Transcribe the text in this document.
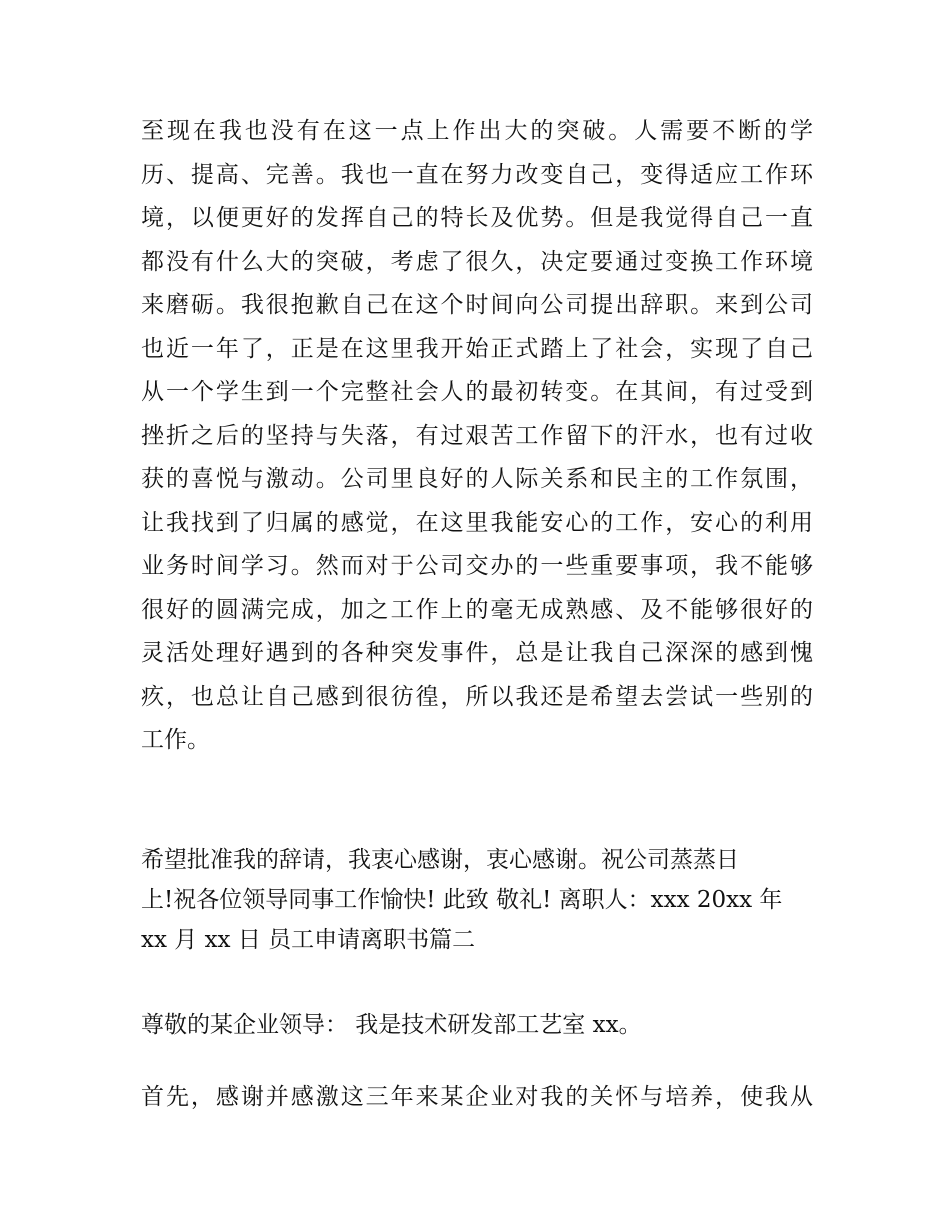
至现在我也没有在这一点上作出大的突破。人需要不断的学
历、提高、完善。我也一直在努力改变自己，变得适应工作环
境，以便更好的发挥自己的特长及优势。但是我觉得自己一直
都没有什么大的突破，考虑了很久，决定要通过变换工作环境
来磨砺。我很抱歉自己在这个时间向公司提出辞职。来到公司
也近一年了，正是在这里我开始正式踏上了社会，实现了自己
从一个学生到一个完整社会人的最初转变。在其间，有过受到
挫折之后的坚持与失落，有过艰苦工作留下的汗水，也有过收
获的喜悦与激动。公司里良好的人际关系和民主的工作氛围，
让我找到了归属的感觉，在这里我能安心的工作，安心的利用
业务时间学习。然而对于公司交办的一些重要事项，我不能够
很好的圆满完成，加之工作上的毫无成熟感、及不能够很好的
灵活处理好遇到的各种突发事件，总是让我自己深深的感到愧
疚，也总让自己感到很彷徨，所以我还是希望去尝试一些别的
工作。
希望批准我的辞请，我衷心感谢，衷心感谢。祝公司蒸蒸日
上!祝各位领导同事工作愉快! 此致 敬礼! 离职人：xxx 20xx 年
xx 月 xx 日 员工申请离职书篇二
尊敬的某企业领导： 我是技术研发部工艺室 xx。
首先，感谢并感激这三年来某企业对我的关怀与培养，使我从
